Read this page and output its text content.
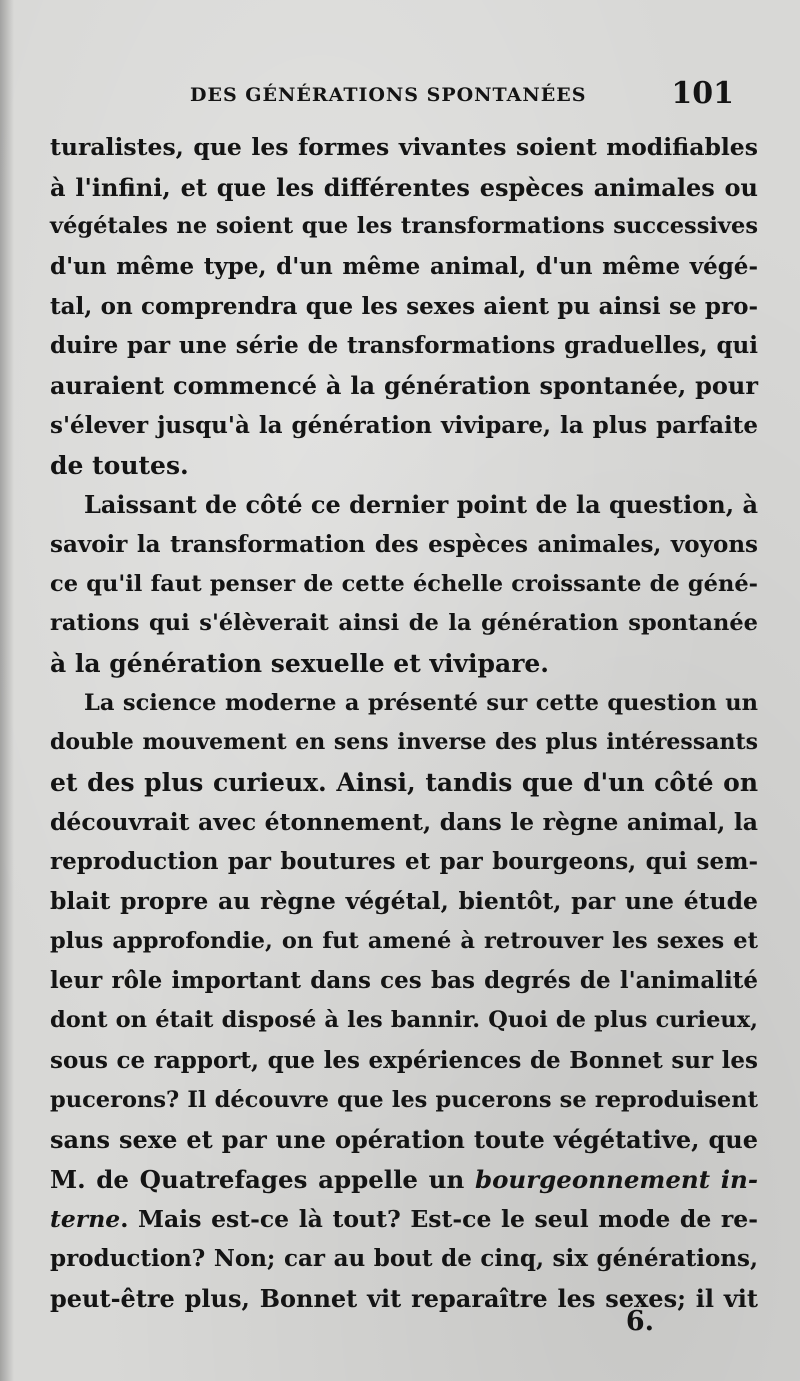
DES GÉNÉRATIONS SPONTANÉES	101
turalistes, que les formes vivantes soient modifiables
à l'infini, et que les différentes espèces animales ou
végétales ne soient que les transformations successives
d'un même type, d'un même animal, d'un même végé-
tal, on comprendra que les sexes aient pu ainsi se pro-
duire par une série de transformations graduelles, qui
auraient commencé à la génération spontanée, pour
s'élever jusqu'à la génération vivipare, la plus parfaite
de toutes.
Laissant de côté ce dernier point de la question, à
savoir la transformation des espèces animales, voyons
ce qu'il faut penser de cette échelle croissante de géné-
rations qui s'élèverait ainsi de la génération spontanée
à la génération sexuelle et vivipare.
La science moderne a présenté sur cette question un
double mouvement en sens inverse des plus intéressants
et des plus curieux. Ainsi, tandis que d'un côté on
découvrait avec étonnement, dans le règne animal, la
reproduction par boutures et par bourgeons, qui sem-
blait propre au règne végétal, bientôt, par une étude
plus approfondie, on fut amené à retrouver les sexes et
leur rôle important dans ces bas degrés de l'animalité
dont on était disposé à les bannir. Quoi de plus curieux,
sous ce rapport, que les expériences de Bonnet sur les
pucerons? Il découvre que les pucerons se reproduisent
sans sexe et par une opération toute végétative, que
M. de Quatrefages appelle un bourgeonnement in-
terne. Mais est-ce là tout? Est-ce le seul mode de re-
production? Non; car au bout de cinq, six générations,
peut-être plus, Bonnet vit reparaître les sexes; il vit
6.
